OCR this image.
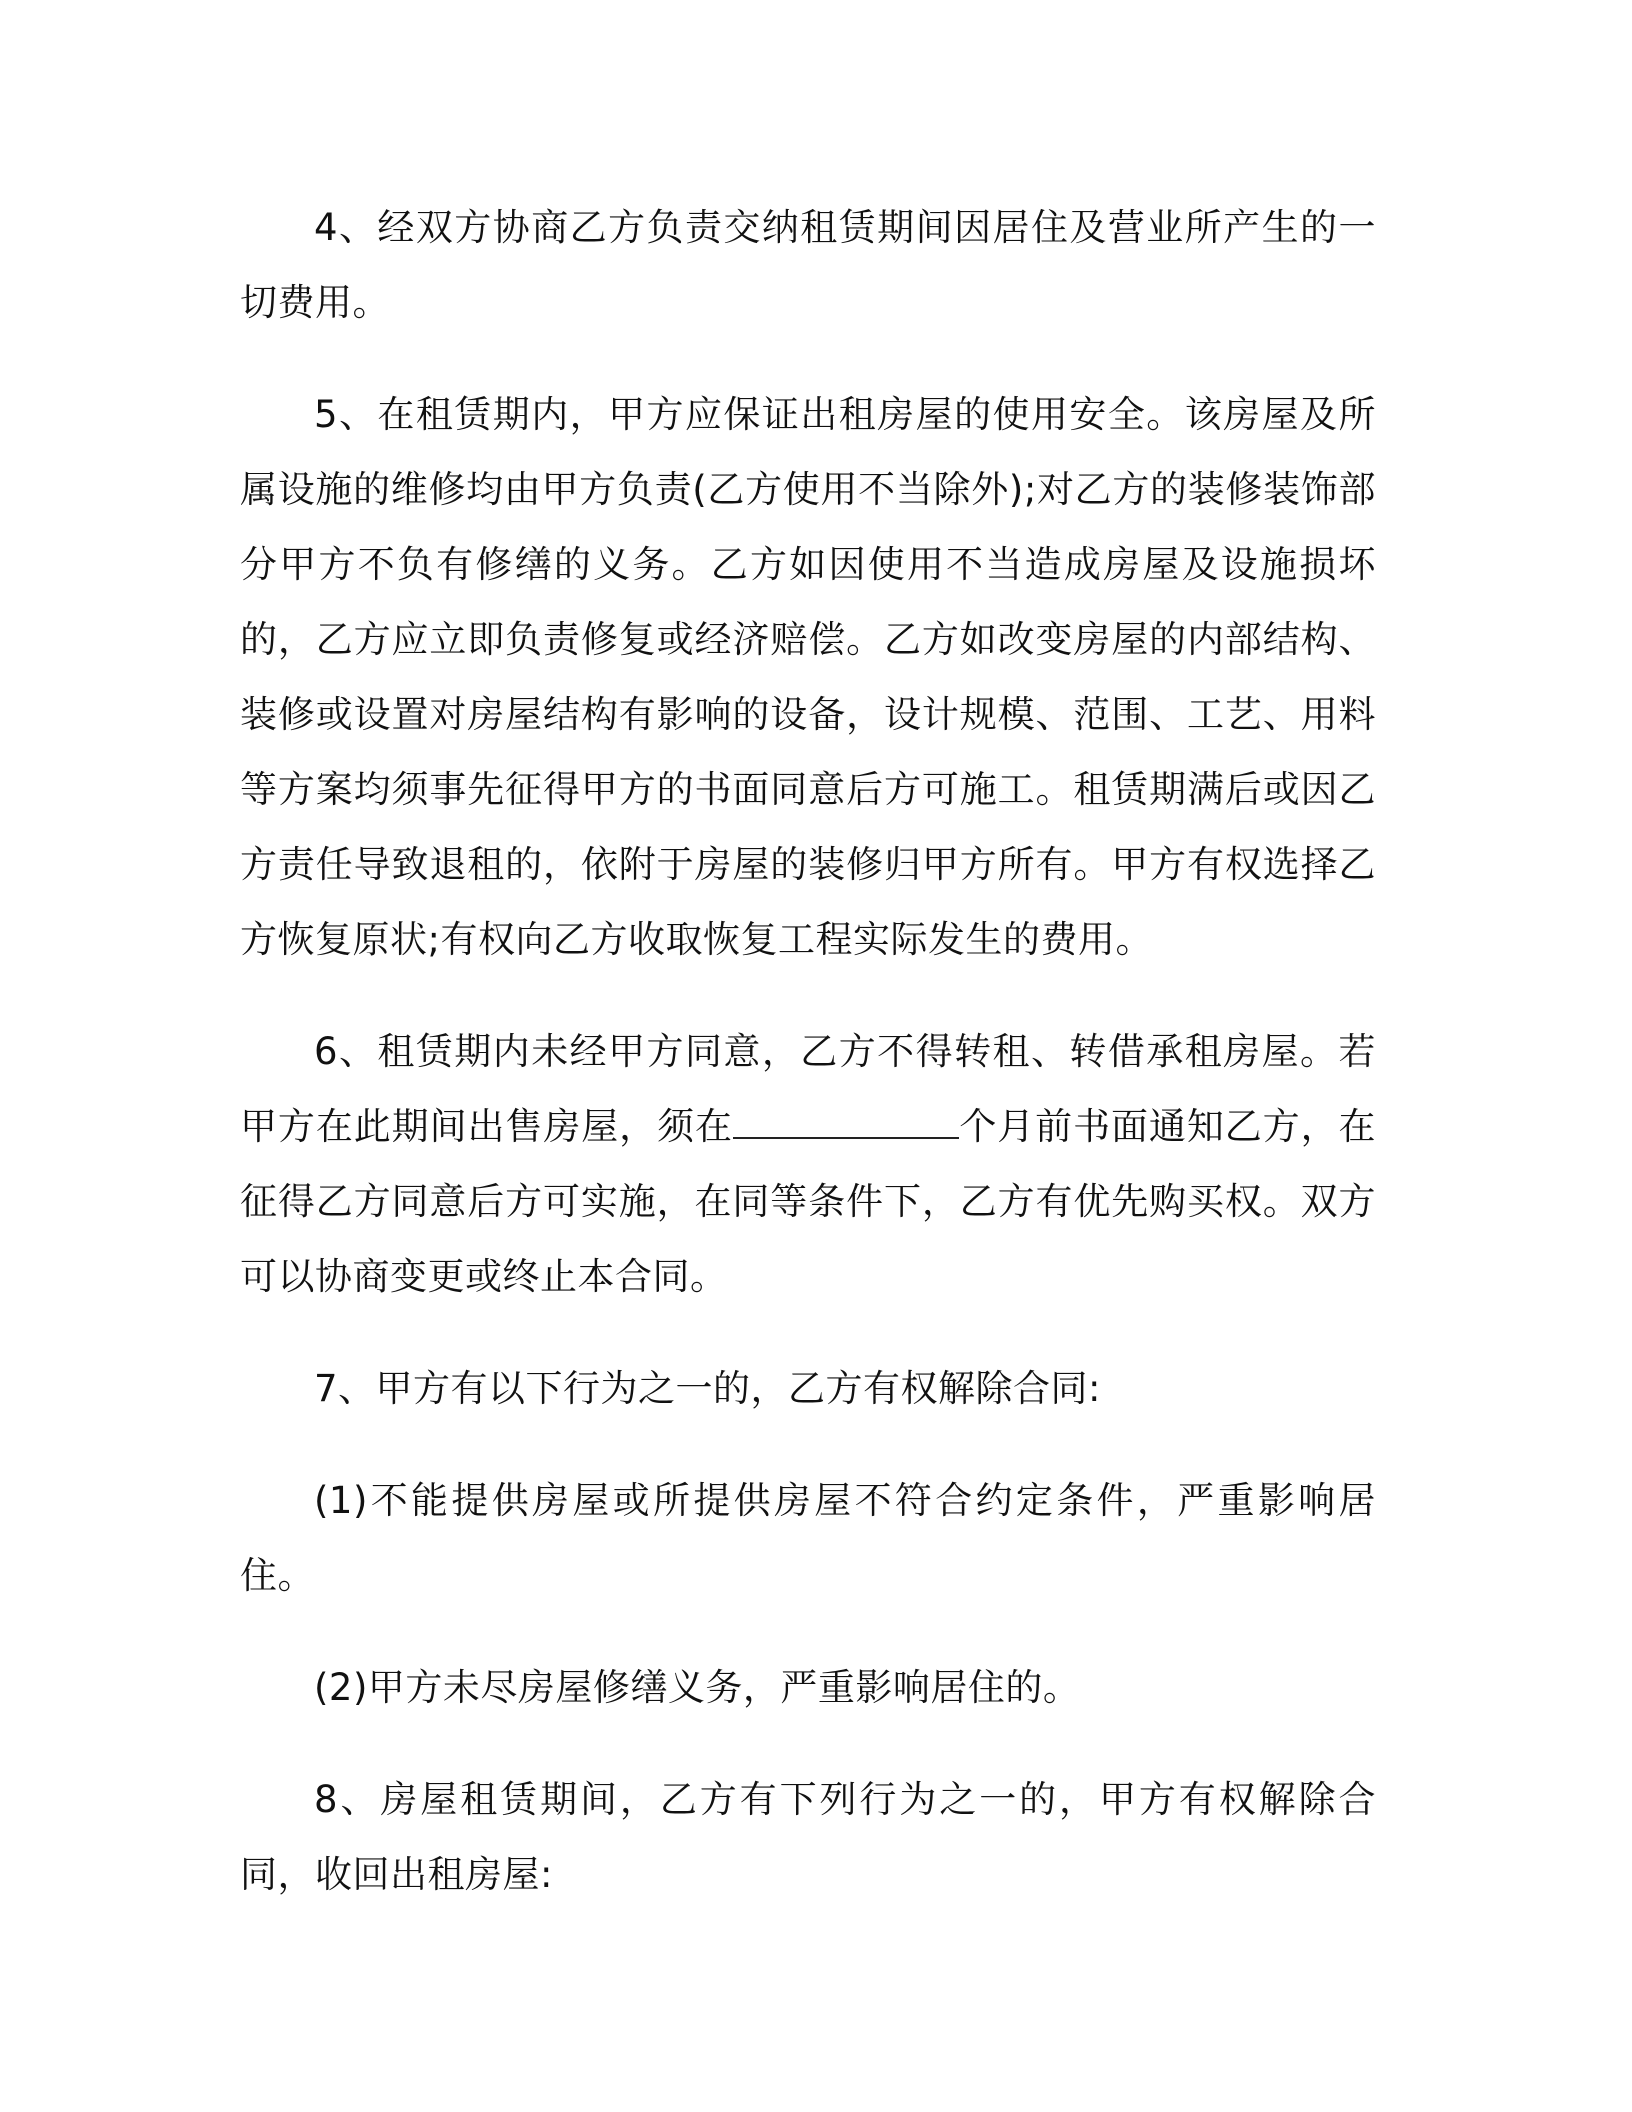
4、经双方协商乙方负责交纳租赁期间因居住及营业所产生的一切费用。

5、在租赁期内，甲方应保证出租房屋的使用安全。该房屋及所属设施的维修均由甲方负责(乙方使用不当除外);对乙方的装修装饰部分甲方不负有修缮的义务。乙方如因使用不当造成房屋及设施损坏的，乙方应立即负责修复或经济赔偿。乙方如改变房屋的内部结构、装修或设置对房屋结构有影响的设备，设计规模、范围、工艺、用料等方案均须事先征得甲方的书面同意后方可施工。租赁期满后或因乙方责任导致退租的，依附于房屋的装修归甲方所有。甲方有权选择乙方恢复原状;有权向乙方收取恢复工程实际发生的费用。

6、租赁期内未经甲方同意，乙方不得转租、转借承租房屋。若甲方在此期间出售房屋，须在	个月前书面通知乙方，在征得乙方同意后方可实施，在同等条件下，乙方有优先购买权。双方可以协商变更或终止本合同。

7、甲方有以下行为之一的，乙方有权解除合同:

(1)不能提供房屋或所提供房屋不符合约定条件，严重影响居住。

(2)甲方未尽房屋修缮义务，严重影响居住的。

8、房屋租赁期间，乙方有下列行为之一的，甲方有权解除合同，收回出租房屋:
